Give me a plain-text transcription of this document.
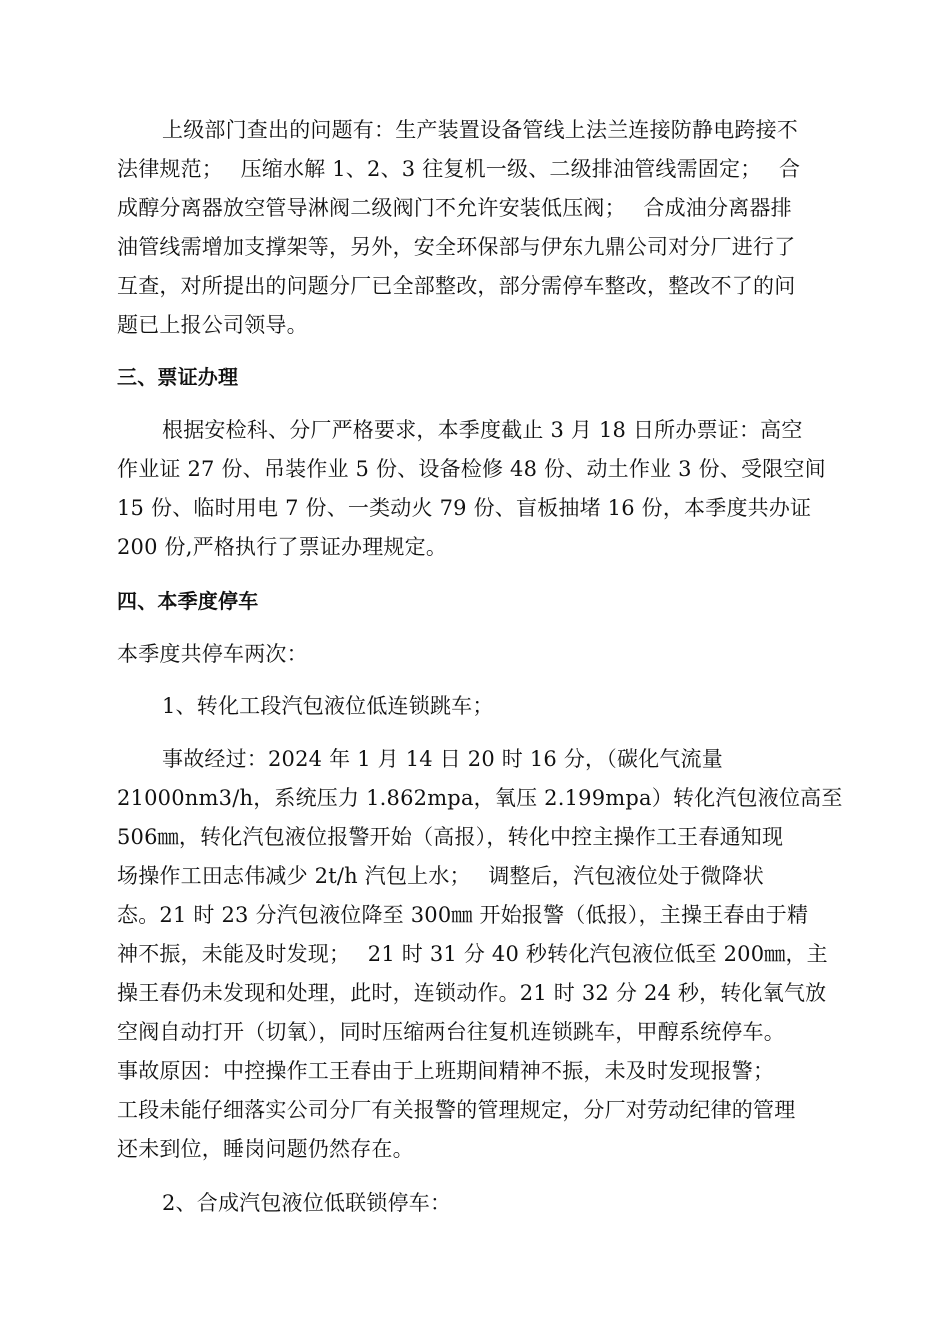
上级部门查出的问题有：生产装置设备管线上法兰连接防静电跨接不
法律规范；　 压缩水解 1、2、3 往复机一级、二级排油管线需固定；　 合
成醇分离器放空管导淋阀二级阀门不允许安装低压阀；　 合成油分离器排
油管线需增加支撑架等，另外，安全环保部与伊东九鼎公司对分厂进行了
互查，对所提出的问题分厂已全部整改，部分需停车整改，整改不了的问
题已上报公司领导。
三、票证办理
根据安检科、分厂严格要求，本季度截止 3 月 18 日所办票证：高空
作业证 27 份、吊装作业 5 份、设备检修 48 份、动土作业 3 份、受限空间
15 份、临时用电 7 份、一类动火 79 份、盲板抽堵 16 份，本季度共办证
200 份,严格执行了票证办理规定。
四、本季度停车
本季度共停车两次：
1、转化工段汽包液位低连锁跳车；
事故经过：2024 年 1 月 14 日 20 时 16 分，（碳化气流量
21000nm3/h，系统压力 1.862mpa，氧压 2.199mpa）转化汽包液位高至
506㎜，转化汽包液位报警开始（高报），转化中控主操作工王春通知现
场操作工田志伟减少 2t/h 汽包上水；　 调整后，汽包液位处于微降状
态。21 时 23 分汽包液位降至 300㎜ 开始报警（低报），主操王春由于精
神不振，未能及时发现；　 21 时 31 分 40 秒转化汽包液位低至 200㎜，主
操王春仍未发现和处理，此时，连锁动作。21 时 32 分 24 秒，转化氧气放
空阀自动打开（切氧），同时压缩两台往复机连锁跳车，甲醇系统停车。
事故原因：中控操作工王春由于上班期间精神不振，未及时发现报警；
工段未能仔细落实公司分厂有关报警的管理规定，分厂对劳动纪律的管理
还未到位，睡岗问题仍然存在。
2、合成汽包液位低联锁停车：
